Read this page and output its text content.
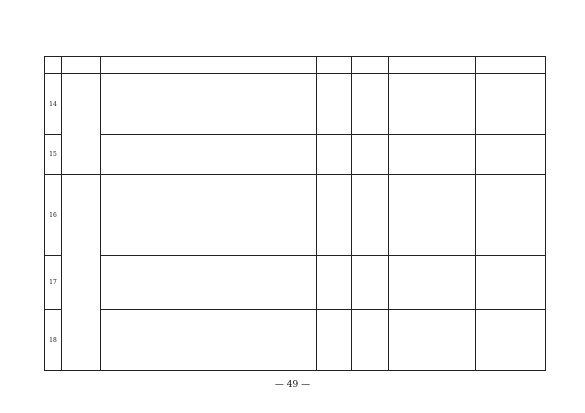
14	

15		

16	

17		

18		

— 49 —
